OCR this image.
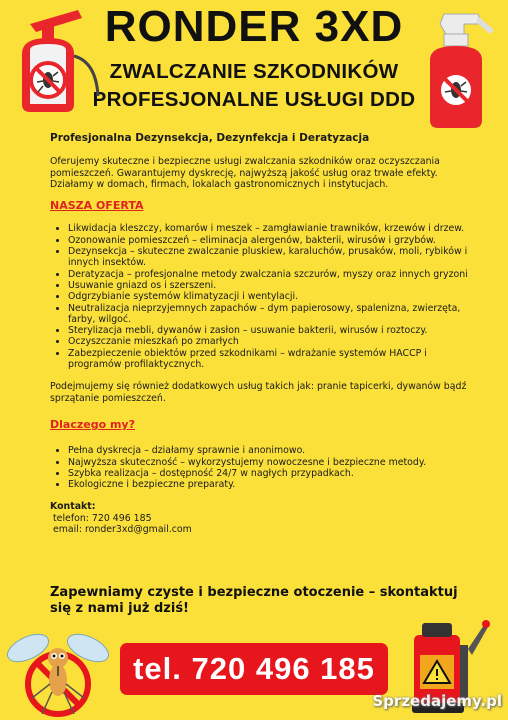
RONDER 3XD
ZWALCZANIE SZKODNIKÓW
PROFESJONALNE USŁUGI DDD

Profesjonalna Dezynsekcja, Dezynfekcja i Deratyzacja

Oferujemy skuteczne i bezpieczne usługi zwalczania szkodników oraz oczyszczania pomieszczeń. Gwarantujemy dyskrecję, najwyższą jakość usług oraz trwałe efekty. Działamy w domach, firmach, lokalach gastronomicznych i instytucjach.

NASZA OFERTA

• Likwidacja kleszczy, komarów i meszek – zamgławianie trawników, krzewów i drzew.
• Ozonowanie pomieszczeń – eliminacja alergenów, bakterii, wirusów i grzybów.
• Dezynsekcja – skuteczne zwalczanie pluskiew, karaluchów, prusaków, moli, rybików i innych insektów.
• Deratyzacja – profesjonalne metody zwalczania szczurów, myszy oraz innych gryzoni
• Usuwanie gniazd os i szerszeni.
• Odgrzybianie systemów klimatyzacji i wentylacji.
• Neutralizacja nieprzyjemnych zapachów – dym papierosowy, spalenizna, zwierzęta, farby, wilgoć.
• Sterylizacja mebli, dywanów i zasłon – usuwanie bakterii, wirusów i roztoczy.
• Oczyszczanie mieszkań po zmarłych
• Zabezpieczenie obiektów przed szkodnikami – wdrażanie systemów HACCP i programów profilaktycznych.

Podejmujemy się również dodatkowych usług takich jak: pranie tapicerki, dywanów bądź sprzątanie pomieszczeń.

Dlaczego my?

• Pełna dyskrecja – działamy sprawnie i anonimowo.
• Najwyższa skuteczność – wykorzystujemy nowoczesne i bezpieczne metody.
• Szybka realizacja – dostępność 24/7 w nagłych przypadkach.
• Ekologiczne i bezpieczne preparaty.

Kontakt:

telefon: 720 496 185

email: ronder3xd@gmail.com

Zapewniamy czyste i bezpieczne otoczenie – skontaktuj się z nami już dziś!
tel. 720 496 185
Sprzedajemy.pl
